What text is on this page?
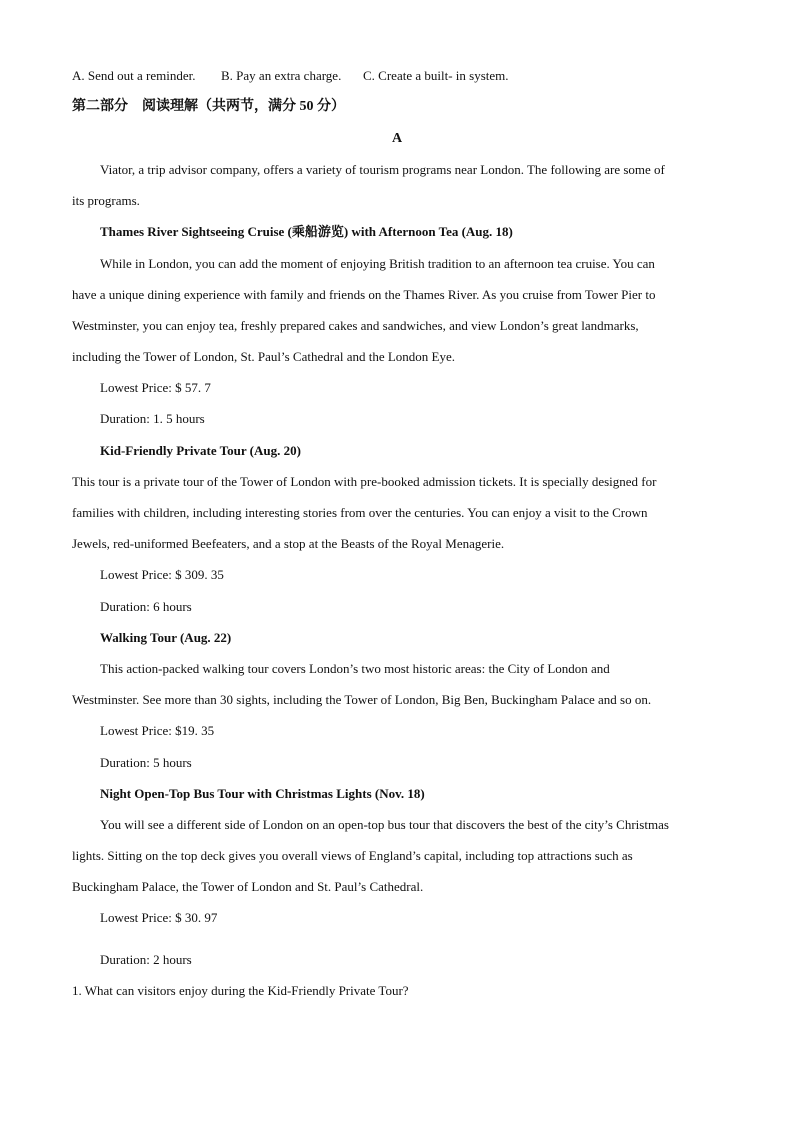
A. Send out a reminder. B. Pay an extra charge. C. Create a built- in system.
第二部分　阅读理解（共两节，满分 50 分）
A
Viator, a trip advisor company, offers a variety of tourism programs near London. The following are some of
its programs.
Thames River Sightseeing Cruise (乘船游览) with Afternoon Tea (Aug. 18)
While in London, you can add the moment of enjoying British tradition to an afternoon tea cruise. You can
have a unique dining experience with family and friends on the Thames River. As you cruise from Tower Pier to
Westminster, you can enjoy tea, freshly prepared cakes and sandwiches, and view London’s great landmarks,
including the Tower of London, St. Paul’s Cathedral and the London Eye.
Lowest Price: $ 57. 7
Duration: 1. 5 hours
Kid-Friendly Private Tour (Aug. 20)
This tour is a private tour of the Tower of London with pre-booked admission tickets. It is specially designed for
families with children, including interesting stories from over the centuries. You can enjoy a visit to the Crown
Jewels, red-uniformed Beefeaters, and a stop at the Beasts of the Royal Menagerie.
Lowest Price: $ 309. 35
Duration: 6 hours
Walking Tour (Aug. 22)
This action-packed walking tour covers London’s two most historic areas: the City of London and
Westminster. See more than 30 sights, including the Tower of London, Big Ben, Buckingham Palace and so on.
Lowest Price: $19. 35
Duration: 5 hours
Night Open-Top Bus Tour with Christmas Lights (Nov. 18)
You will see a different side of London on an open-top bus tour that discovers the best of the city’s Christmas
lights. Sitting on the top deck gives you overall views of England’s capital, including top attractions such as
Buckingham Palace, the Tower of London and St. Paul’s Cathedral.
Lowest Price: $ 30. 97
Duration: 2 hours
1. What can visitors enjoy during the Kid-Friendly Private Tour?
